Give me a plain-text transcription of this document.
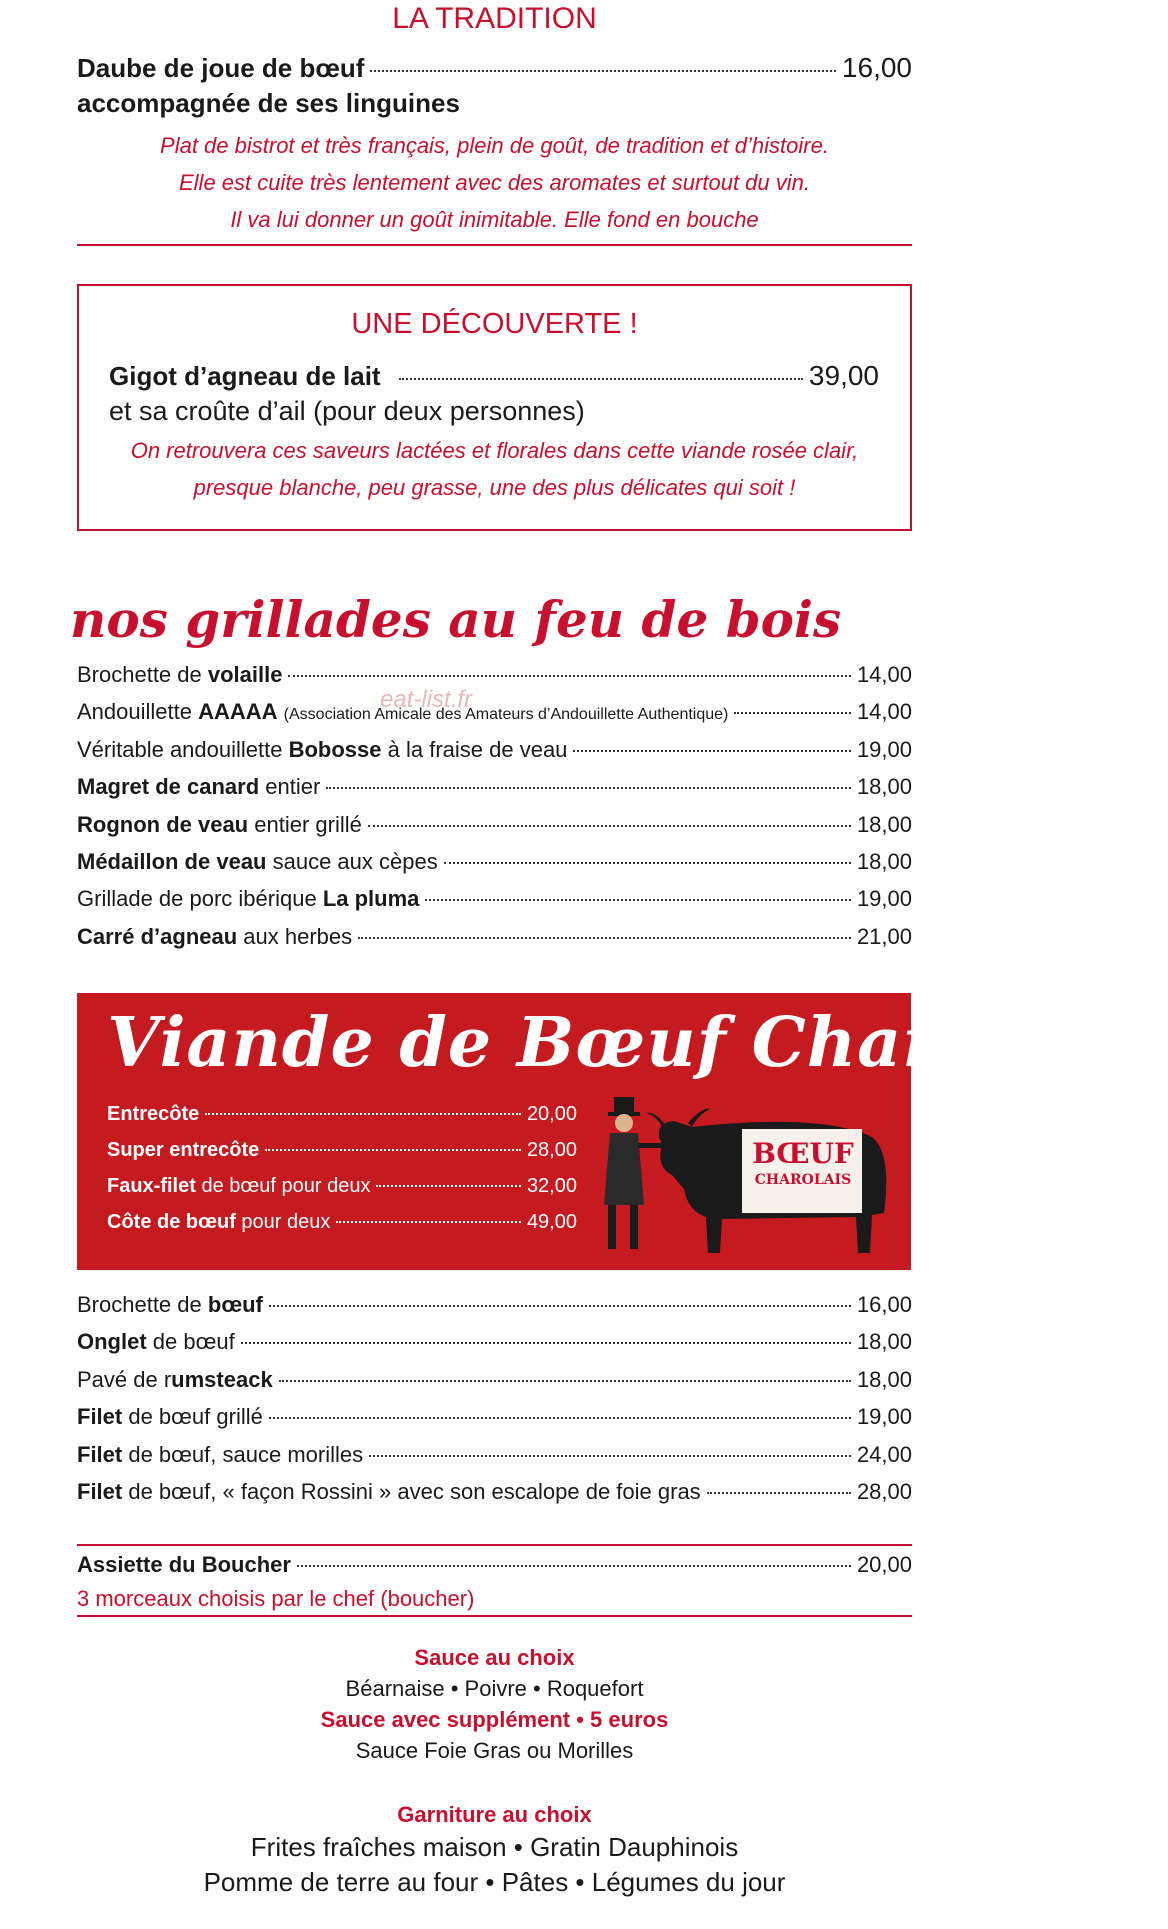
LA TRADITION
Daube de joue de bœuf	16,00
accompagnée de ses linguines
Plat de bistrot et très français, plein de goût, de tradition et d’histoire.
Elle est cuite très lentement avec des aromates et surtout du vin.
Il va lui donner un goût inimitable. Elle fond en bouche
UNE DÉCOUVERTE !
Gigot d’agneau de lait	39,00
et sa croûte d’ail (pour deux personnes)
On retrouvera ces saveurs lactées et florales dans cette viande rosée clair,
presque blanche, peu grasse, une des plus délicates qui soit !
nos grillades au feu de bois
eat-list.fr
Brochette de volaille	14,00
Andouillette AAAAA (Association Amicale des Amateurs d’Andouillette Authentique)	14,00
Véritable andouillette Bobosse à la fraise de veau	19,00
Magret de canard entier	18,00
Rognon de veau entier grillé	18,00
Médaillon de veau sauce aux cèpes	18,00
Grillade de porc ibérique La pluma	19,00
Carré d’agneau aux herbes	21,00
Viande de Bœuf Charolaise
Entrecôte	20,00
Super entrecôte	28,00
Faux-filet de bœuf pour deux	32,00
Côte de bœuf pour deux	49,00
BŒUF
CHAROLAIS
Brochette de bœuf	16,00
Onglet de bœuf	18,00
Pavé de rumsteack	18,00
Filet de bœuf grillé	19,00
Filet de bœuf, sauce morilles	24,00
Filet de bœuf, « façon Rossini » avec son escalope de foie gras	28,00
Assiette du Boucher	20,00
3 morceaux choisis par le chef (boucher)
Sauce au choix
Béarnaise • Poivre • Roquefort
Sauce avec supplément • 5 euros
Sauce Foie Gras ou Morilles
Garniture au choix
Frites fraîches maison • Gratin Dauphinois
Pomme de terre au four • Pâtes • Légumes du jour
